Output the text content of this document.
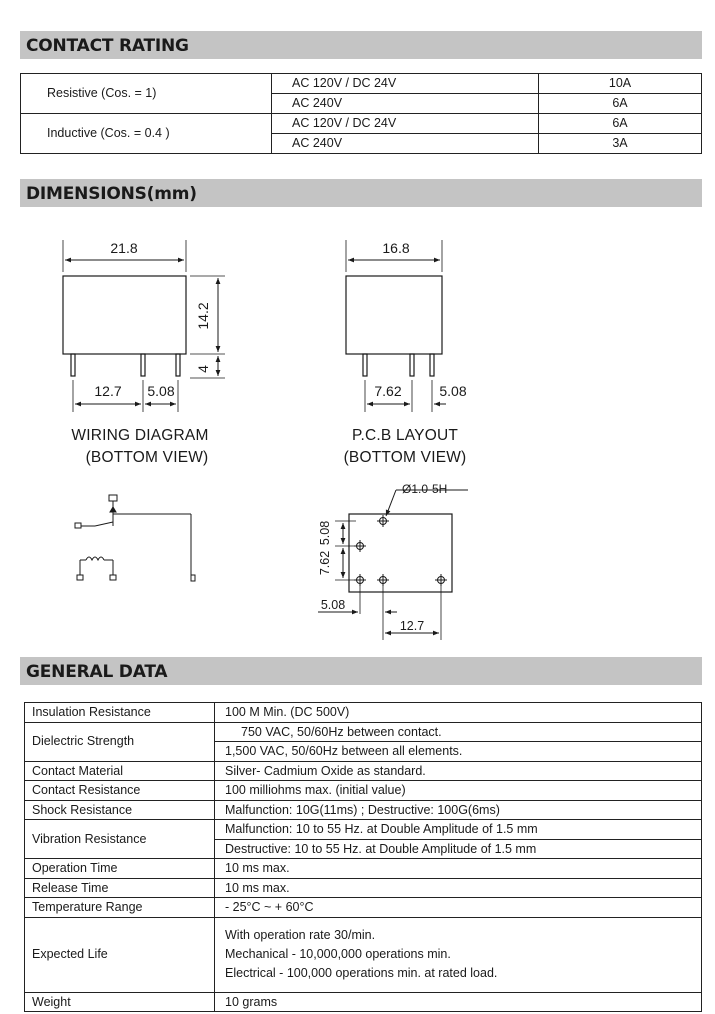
CONTACT RATING
Resistive (Cos. = 1)	AC 120V / DC 24V	10A
	AC 240V	6A
Inductive (Cos. = 0.4 )	AC 120V / DC 24V	6A
	AC 240V	3A
DIMENSIONS(mm)
21.8
14.2
4
12.7 5.08
16.8
7.62	5.08
Ø1.0-5H
5.08
7.62
5.08
12.7
WIRING DIAGRAM
(BOTTOM VIEW)
P.C.B LAYOUT
(BOTTOM VIEW)
GENERAL DATA
Insulation Resistance	100 M Min. (DC 500V)
Dielectric Strength	750 VAC, 50/60Hz between contact.
	1,500 VAC, 50/60Hz between all elements.
Contact Material	Silver- Cadmium Oxide as standard.
Contact Resistance	100 milliohms max. (initial value)
Shock Resistance	Malfunction: 10G(11ms) ; Destructive: 100G(6ms)
Vibration Resistance	Malfunction: 10 to 55 Hz. at Double Amplitude of 1.5 mm
	Destructive: 10 to 55 Hz. at Double Amplitude of 1.5 mm
Operation Time	10 ms max.
Release Time	10 ms max.
Temperature Range	- 25°C ~ + 60°C
Expected Life	With operation rate 30/min.
Mechanical - 10,000,000 operations min.
Electrical - 100,000 operations min. at rated load.

Weight	10 grams
